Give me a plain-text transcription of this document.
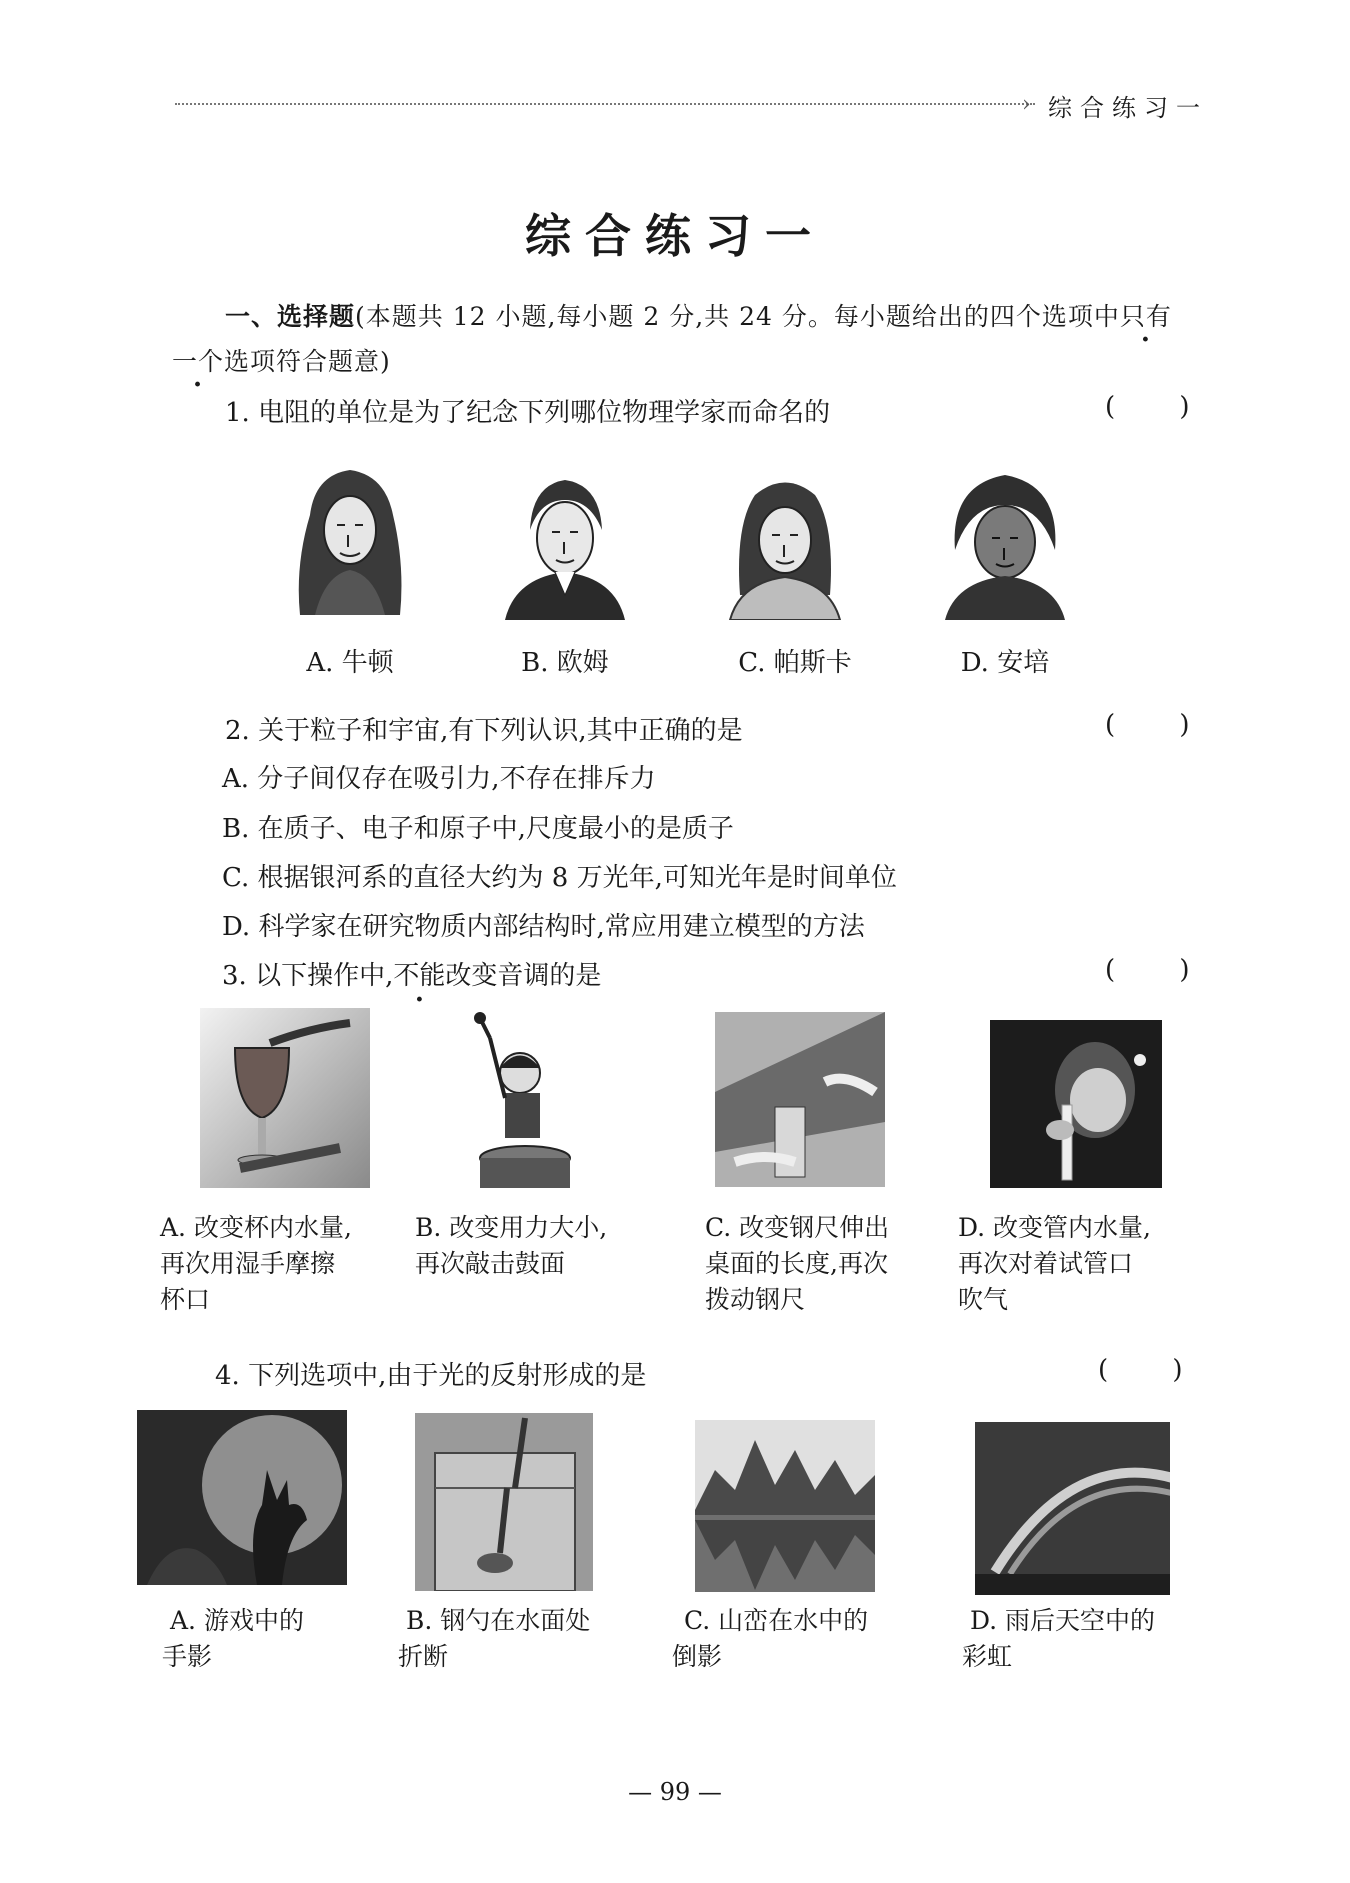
› 综合练习一
综合练习一
一、选择题(本题共 12 小题,每小题 2 分,共 24 分。每小题给出的四个选项中只有
一个选项符合题意)
1. 电阻的单位是为了纪念下列哪位物理学家而命名的	( )
A. 牛顿	B. 欧姆	C. 帕斯卡	D. 安培
2. 关于粒子和宇宙,有下列认识,其中正确的是	( )
A. 分子间仅存在吸引力,不存在排斥力
B. 在质子、电子和原子中,尺度最小的是质子
C. 根据银河系的直径大约为 8 万光年,可知光年是时间单位
D. 科学家在研究物质内部结构时,常应用建立模型的方法
3. 以下操作中,不能改变音调的是	( )
A. 改变杯内水量,
再次用湿手摩擦
杯口
B. 改变用力大小,
再次敲击鼓面
C. 改变钢尺伸出
桌面的长度,再次
拨动钢尺
D. 改变管内水量,
再次对着试管口
吹气
4. 下列选项中,由于光的反射形成的是	( )
A. 游戏中的
手影
B. 钢勺在水面处
折断
C. 山峦在水中的
倒影
D. 雨后天空中的
彩虹
— 99 —
